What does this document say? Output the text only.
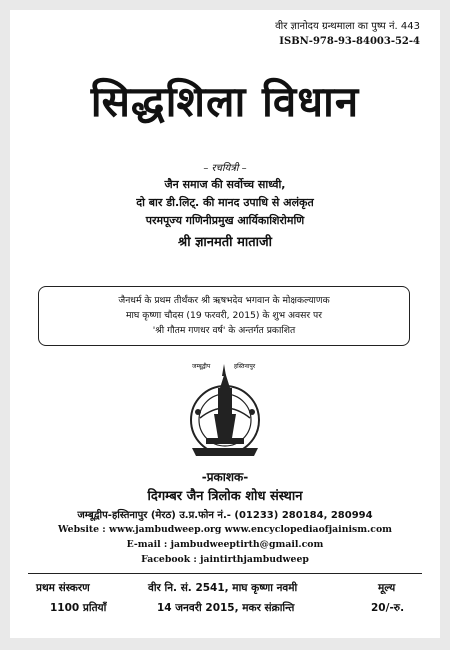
वीर ज्ञानोदय ग्रन्थमाला का पुष्प नं. 443
ISBN-978-93-84003-52-4
सिद्धशिला विधान
– रचयित्री –
जैन समाज की सर्वोच्च साध्वी,
दो बार डी.लिट्. की मानद उपाधि से अलंकृत
परमपूज्य गणिनीप्रमुख आर्यिकाशिरोमणि
श्री ज्ञानमती माताजी
जैनधर्म के प्रथम तीर्थंकर श्री ऋषभदेव भगवान के मोक्षकल्याणक
माघ कृष्णा चौदस (19 फरवरी, 2015) के शुभ अवसर पर
'श्री गौतम गणधर वर्ष' के अन्तर्गत प्रकाशित
जम्बूद्वीप	हस्तिनापुर
-प्रकाशक-
दिगम्बर जैन त्रिलोक शोध संस्थान
जम्बूद्वीप-हस्तिनापुर (मेरठ) उ.प्र.फोन नं.- (01233) 280184, 280994
Website : www.jambudweep.org www.encyclopediaofjainism.com
E-mail : jambudweeptirth@gmail.com
Facebook : jaintirthjambudweep
प्रथम संस्करण
1100 प्रतियाँ
वीर नि. सं. 2541, माघ कृष्णा नवमी
14 जनवरी 2015, मकर संक्रान्ति
मूल्य
20/-रु.
